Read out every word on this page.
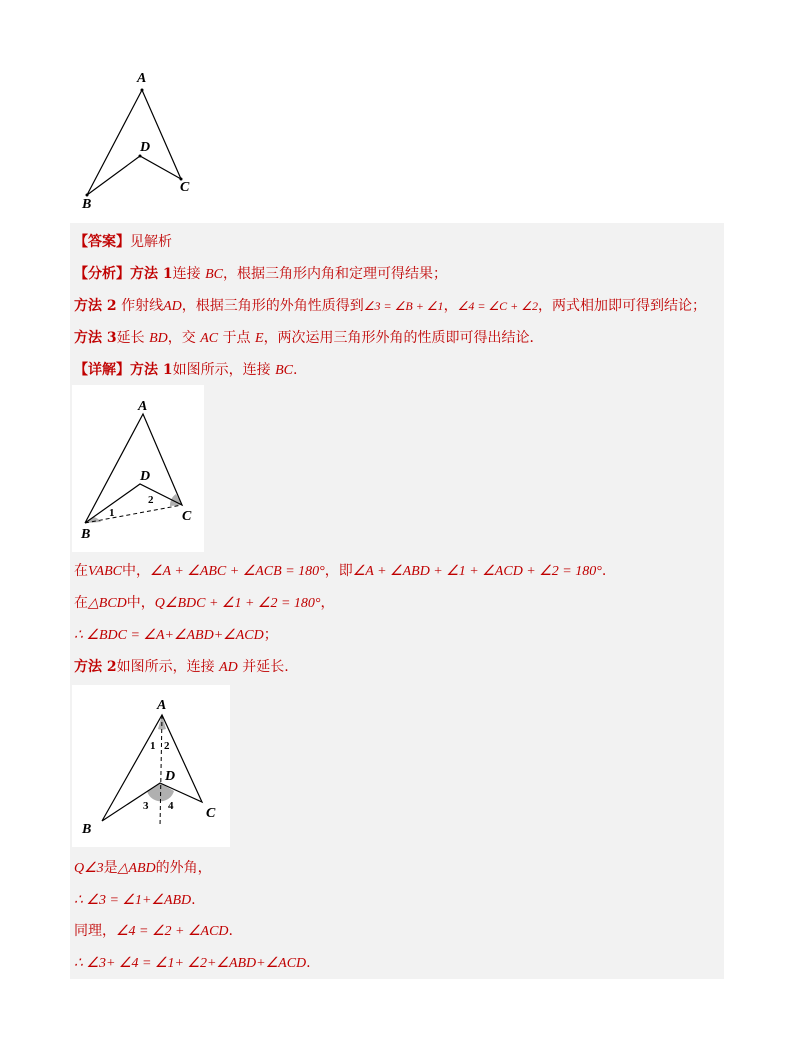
A
D
C
B
【答案】见解析
【分析】方法 1连接 BC，根据三角形内角和定理可得结果；
方法 2 作射线AD，根据三角形的外角性质得到∠3 = ∠B + ∠1，∠4 = ∠C + ∠2，两式相加即可得到结论；
方法 3延长 BD，交 AC 于点 E，两次运用三角形外角的性质即可得出结论．
【详解】方法 1如图所示，连接 BC.
A
D
C
B
1
2
在VABC中，∠A + ∠ABC + ∠ACB = 180°，即∠A + ∠ABD + ∠1 + ∠ACD + ∠2 = 180°.
在△BCD中，Q∠BDC + ∠1 + ∠2 = 180°，
∴ ∠BDC = ∠A+∠ABD+∠ACD；
方法 2如图所示，连接 AD 并延长.
A
D
C
B
1 2
3 4
Q∠3是△ABD的外角，
∴ ∠3 = ∠1+∠ABD.
同理，∠4 = ∠2 + ∠ACD.
∴ ∠3+ ∠4 = ∠1+ ∠2+∠ABD+∠ACD.
